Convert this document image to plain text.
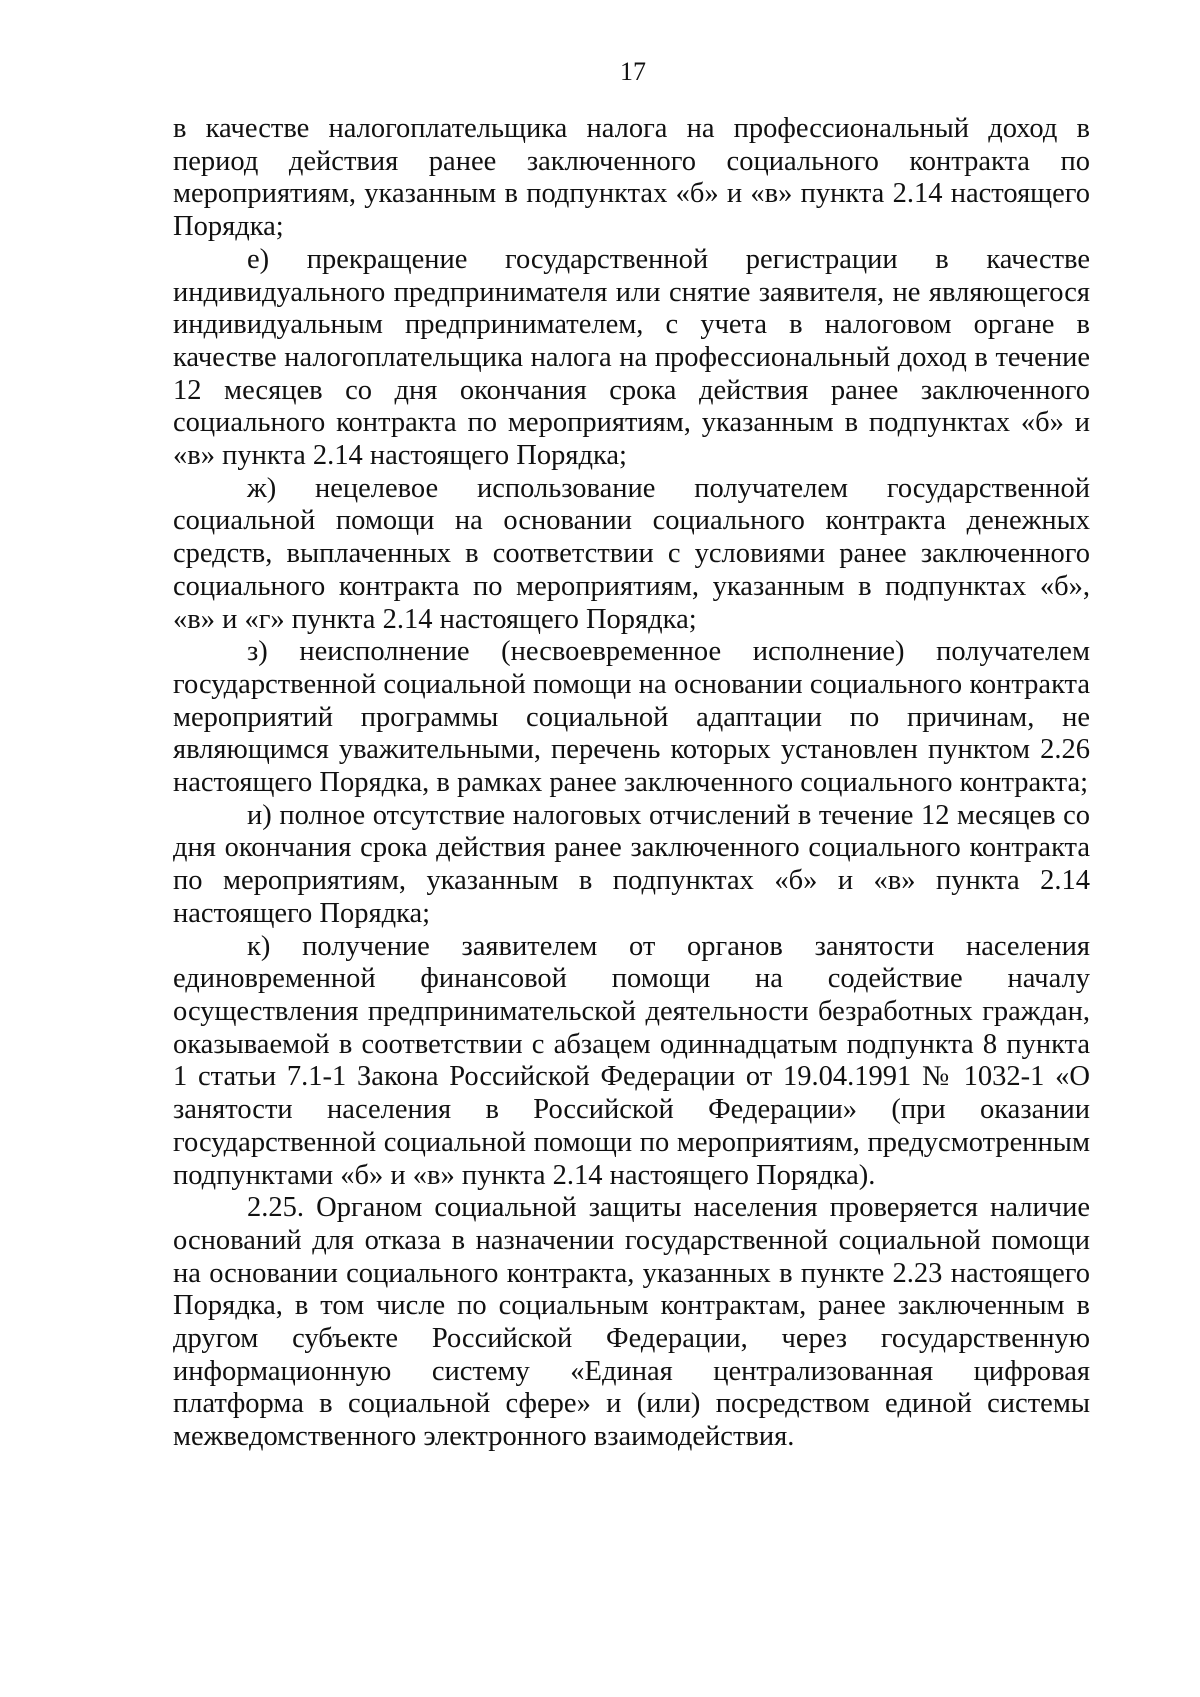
17

в качестве налогоплательщика налога на профессиональный доход в период действия ранее заключенного социального контракта по мероприятиям, указанным в подпунктах «б» и «в» пункта 2.14 настоящего Порядка;

е) прекращение государственной регистрации в качестве индивидуального предпринимателя или снятие заявителя, не являющегося индивидуальным предпринимателем, с учета в налоговом органе в качестве налогоплательщика налога на профессиональный доход в течение 12 месяцев со дня окончания срока действия ранее заключенного социального контракта по мероприятиям, указанным в подпунктах «б» и «в» пункта 2.14 настоящего Порядка;

ж) нецелевое использование получателем государственной социальной помощи на основании социального контракта денежных средств, выплаченных в соответствии с условиями ранее заключенного социального контракта по мероприятиям, указанным в подпунктах «б», «в» и «г» пункта 2.14 настоящего Порядка;

з) неисполнение (несвоевременное исполнение) получателем государственной социальной помощи на основании социального контракта мероприятий программы социальной адаптации по причинам, не являющимся уважительными, перечень которых установлен пунктом 2.26 настоящего Порядка, в рамках ранее заключенного социального контракта;

и) полное отсутствие налоговых отчислений в течение 12 месяцев со дня окончания срока действия ранее заключенного социального контракта по мероприятиям, указанным в подпунктах «б» и «в» пункта 2.14 настоящего Порядка;

к) получение заявителем от органов занятости населения единовременной финансовой помощи на содействие началу осуществления предпринимательской деятельности безработных граждан, оказываемой в соответствии с абзацем одиннадцатым подпункта 8 пункта 1 статьи 7.1-1 Закона Российской Федерации от 19.04.1991 № 1032-1 «О занятости населения в Российской Федерации» (при оказании государственной социальной помощи по мероприятиям, предусмотренным подпунктами «б» и «в» пункта 2.14 настоящего Порядка).

2.25. Органом социальной защиты населения проверяется наличие оснований для отказа в назначении государственной социальной помощи на основании социального контракта, указанных в пункте 2.23 настоящего Порядка, в том числе по социальным контрактам, ранее заключенным в другом субъекте Российской Федерации, через государственную информационную систему «Единая централизованная цифровая платформа в социальной сфере» и (или) посредством единой системы межведомственного электронного взаимодействия.
